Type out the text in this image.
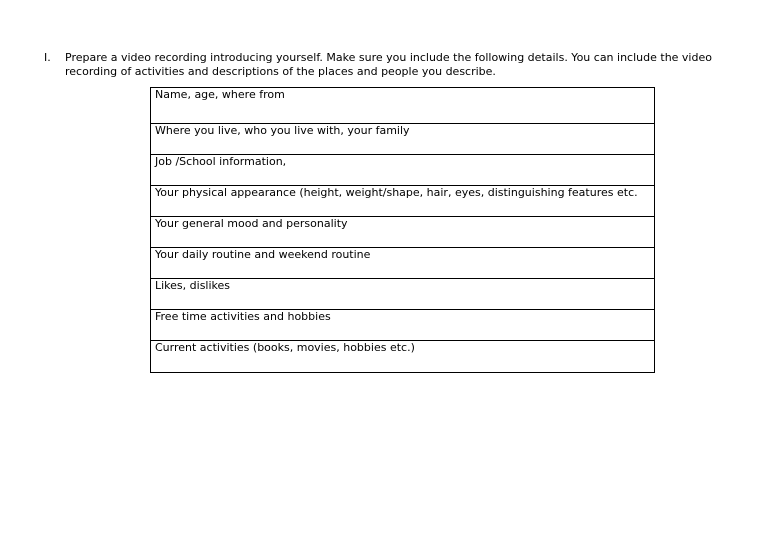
I. Prepare a video recording introducing yourself. Make sure you include the following details. You can include the video recording of activities and descriptions of the places and people you describe.
Name, age, where from
Where you live, who you live with, your family
Job /School information,
Your physical appearance (height, weight/shape, hair, eyes, distinguishing features etc.
Your general mood and personality
Your daily routine and weekend routine
Likes, dislikes
Free time activities and hobbies
Current activities (books, movies, hobbies etc.)
